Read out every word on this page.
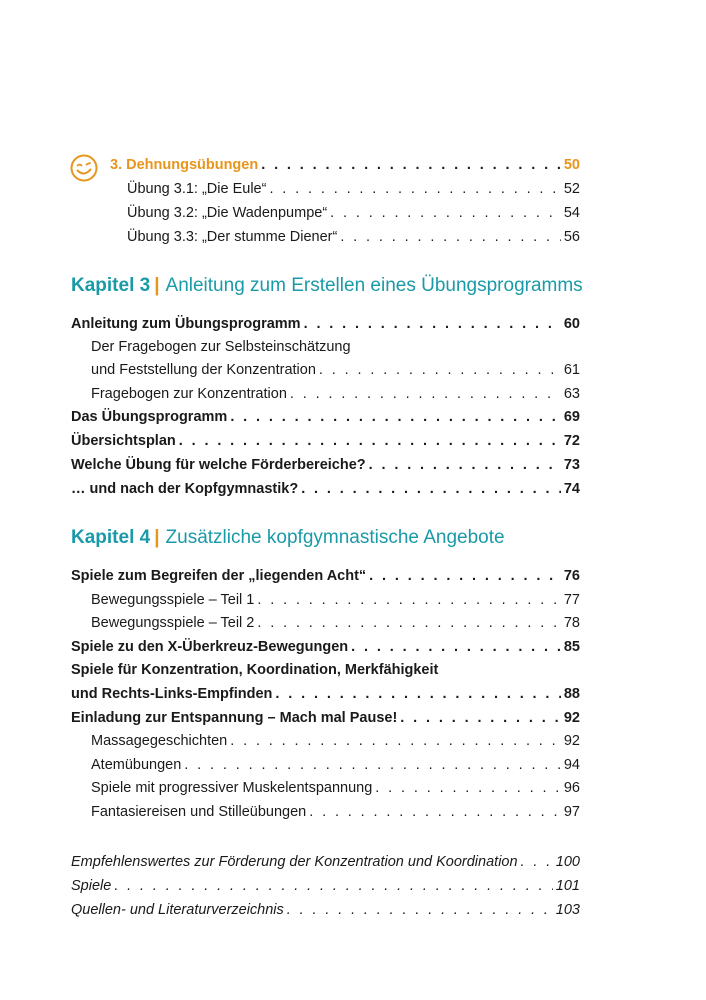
3. Dehnungsübungen . . .	50
Übung 3.1: „Die Eule“ . . .	52
Übung 3.2: „Die Wadenpumpe“ . . .	54
Übung 3.3: „Der stumme Diener“ . . .	56
Kapitel 3 | Anleitung zum Erstellen eines Übungsprogramms
Anleitung zum Übungsprogramm . . .	60
Der Fragebogen zur Selbsteinschätzung
und Feststellung der Konzentration . . .	61
Fragebogen zur Konzentration . . .	63
Das Übungsprogramm . . .	69
Übersichtsplan . . .	72
Welche Übung für welche Förderbereiche? . . .	73
… und nach der Kopfgymnastik? . . .	74
Kapitel 4 | Zusätzliche kopfgymnastische Angebote
Spiele zum Begreifen der „liegenden Acht“ . . .	76
Bewegungsspiele – Teil 1 . . .	77
Bewegungsspiele – Teil 2 . . .	78
Spiele zu den X-Überkreuz-Bewegungen . . .	85
Spiele für Konzentration, Koordination, Merkfähigkeit
und Rechts-Links-Empfinden . . .	88
Einladung zur Entspannung – Mach mal Pause! . . .	92
Massagegeschichten . . .	92
Atemübungen . . .	94
Spiele mit progressiver Muskelentspannung . . .	96
Fantasiereisen und Stilleübungen . . .	97
Empfehlenswertes zur Förderung der Konzentration und Koordination . . .	100
Spiele . . .	101
Quellen- und Literaturverzeichnis . . .	103
